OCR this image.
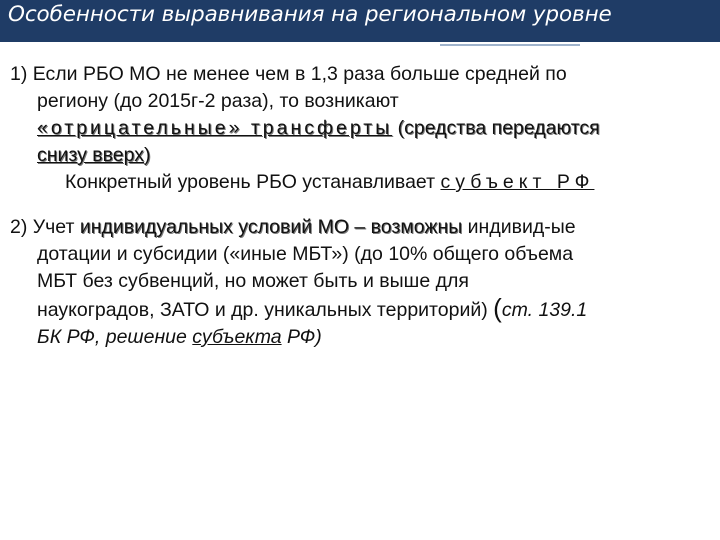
Особенности выравнивания на региональном уровне
1) Если РБО МО не менее чем в 1,3 раза больше средней по
региону (до 2015г-2 раза), то возникают
«отрицательные» трансферты (средства передаются
снизу вверх)
Конкретный уровень РБО устанавливает субъект РФ
2) Учет индивидуальных условий МО – возможны индивид-ые
дотации и субсидии («иные МБТ») (до 10% общего объема
МБТ без субвенций, но может быть и выше для
наукоградов, ЗАТО и др. уникальных территорий) (ст. 139.1
БК РФ, решение субъекта РФ)
